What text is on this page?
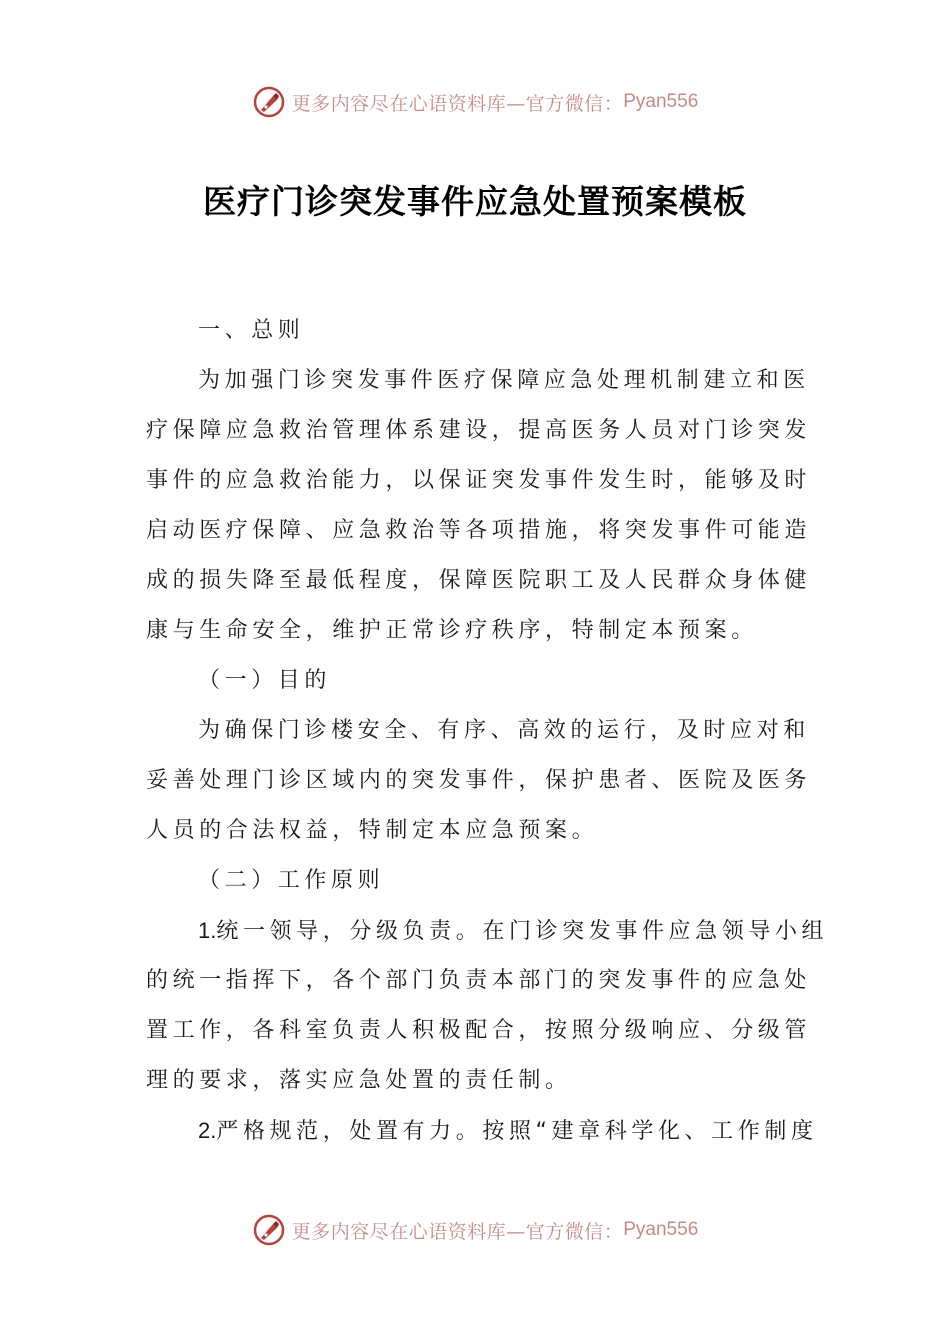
更多内容尽在心语资料库—官方微信： Pyan556
医疗门诊突发事件应急处置预案模板
一、总则
为加强门诊突发事件医疗保障应急处理机制建立和医
疗保障应急救治管理体系建设，提高医务人员对门诊突发
事件的应急救治能力，以保证突发事件发生时，能够及时
启动医疗保障、应急救治等各项措施，将突发事件可能造
成的损失降至最低程度，保障医院职工及人民群众身体健
康与生命安全，维护正常诊疗秩序，特制定本预案。
（一）目的
为确保门诊楼安全、有序、高效的运行，及时应对和
妥善处理门诊区域内的突发事件，保护患者、医院及医务
人员的合法权益，特制定本应急预案。
（二）工作原则
1.统一领导，分级负责。在门诊突发事件应急领导小组
的统一指挥下，各个部门负责本部门的突发事件的应急处
置工作，各科室负责人积极配合，按照分级响应、分级管
理的要求，落实应急处置的责任制。
2.严格规范，处置有力。按照“建章科学化、工作制度
更多内容尽在心语资料库—官方微信： Pyan556
